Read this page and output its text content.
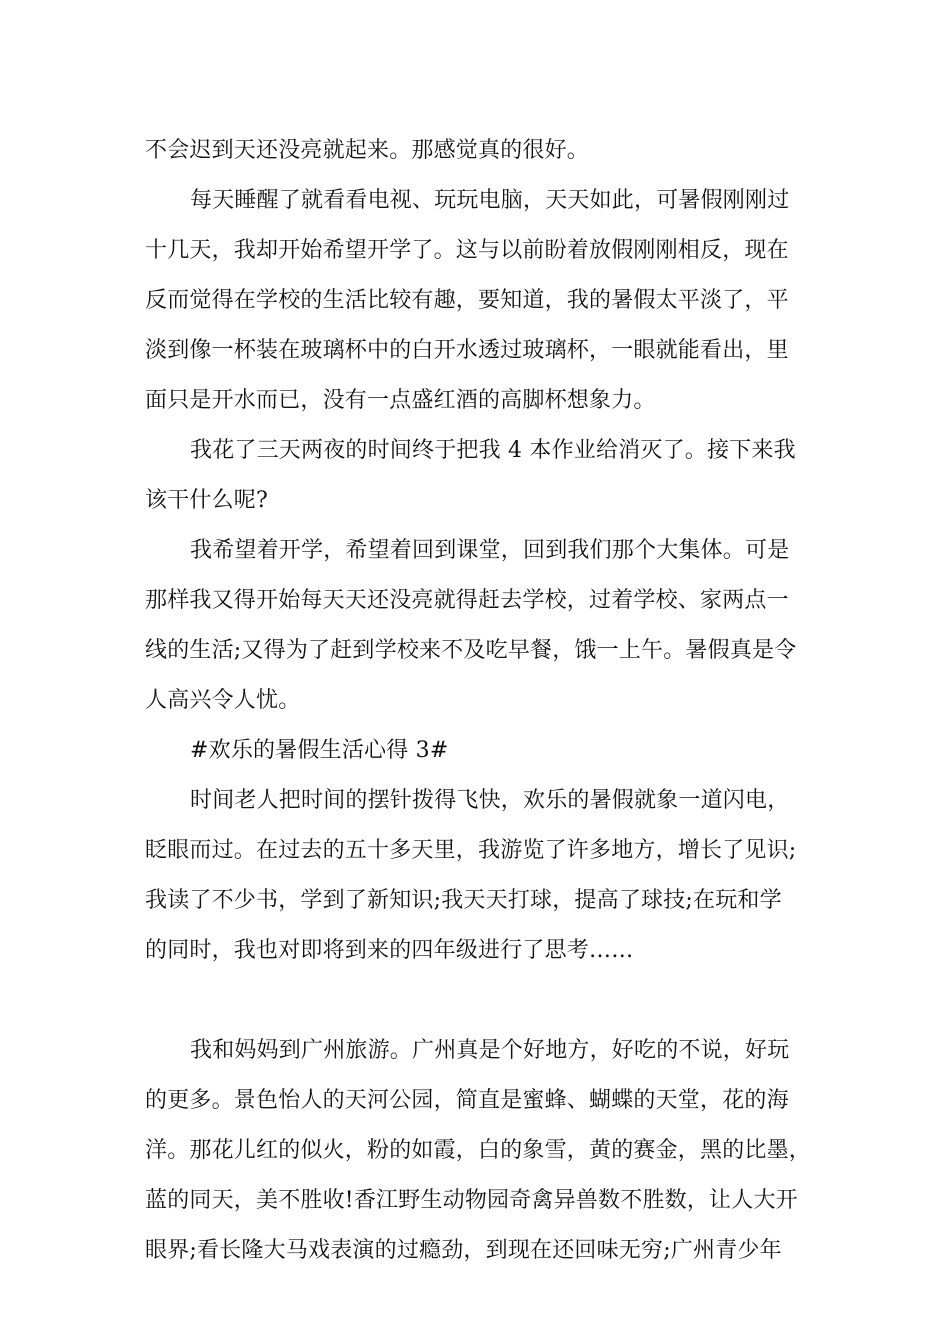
不会迟到天还没亮就起来。那感觉真的很好。
每天睡醒了就看看电视、玩玩电脑，天天如此，可暑假刚刚过
十几天，我却开始希望开学了。这与以前盼着放假刚刚相反，现在
反而觉得在学校的生活比较有趣，要知道，我的暑假太平淡了，平
淡到像一杯装在玻璃杯中的白开水透过玻璃杯，一眼就能看出，里
面只是开水而已，没有一点盛红酒的高脚杯想象力。
我花了三天两夜的时间终于把我 4 本作业给消灭了。接下来我
该干什么呢?
我希望着开学，希望着回到课堂，回到我们那个大集体。可是
那样我又得开始每天天还没亮就得赶去学校，过着学校、家两点一
线的生活;又得为了赶到学校来不及吃早餐，饿一上午。暑假真是令
人高兴令人忧。
#欢乐的暑假生活心得 3#
时间老人把时间的摆针拨得飞快，欢乐的暑假就象一道闪电，
眨眼而过。在过去的五十多天里，我游览了许多地方，增长了见识;
我读了不少书，学到了新知识;我天天打球，提高了球技;在玩和学
的同时，我也对即将到来的四年级进行了思考……
我和妈妈到广州旅游。广州真是个好地方，好吃的不说，好玩
的更多。景色怡人的天河公园，简直是蜜蜂、蝴蝶的天堂，花的海
洋。那花儿红的似火，粉的如霞，白的象雪，黄的赛金，黑的比墨，
蓝的同天，美不胜收!香江野生动物园奇禽异兽数不胜数，让人大开
眼界;看长隆大马戏表演的过瘾劲，到现在还回味无穷;广州青少年
